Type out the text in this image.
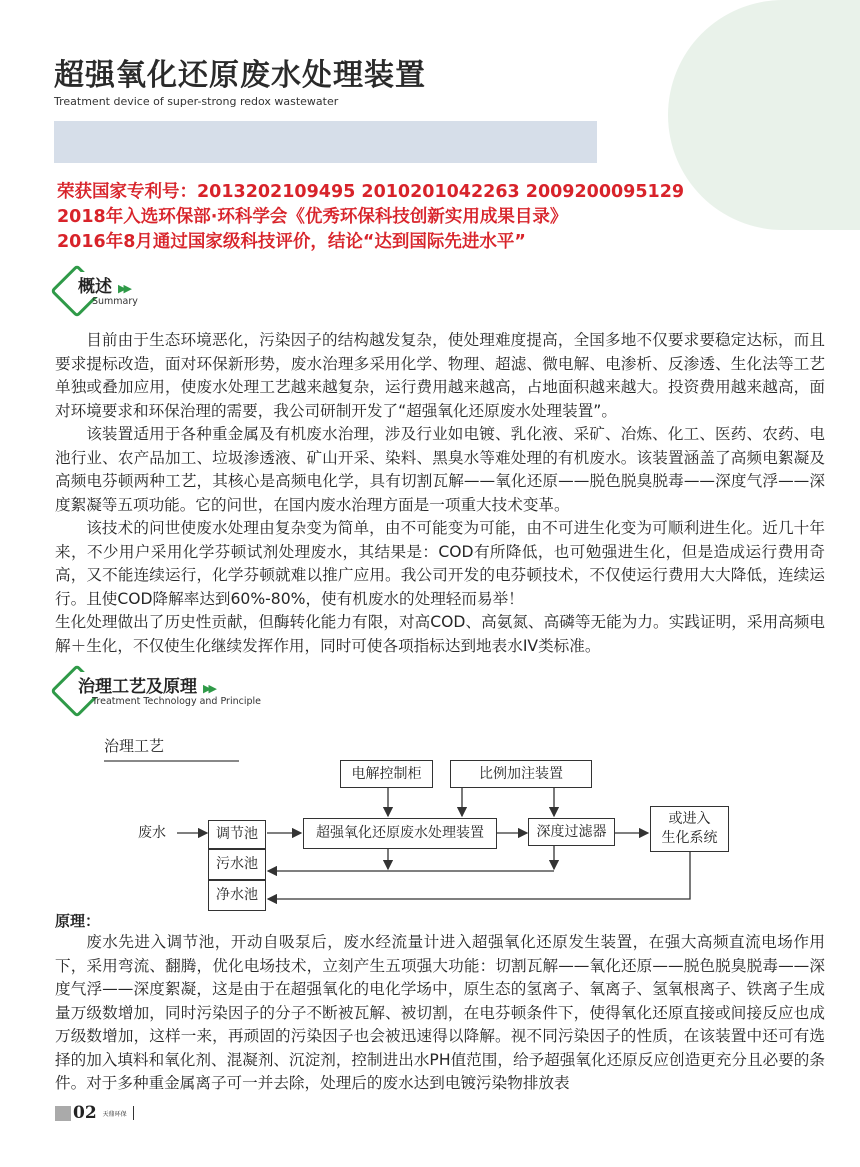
超强氧化还原废水处理装置
Treatment device of super-strong redox wastewater
荣获国家专利号：201320210949​5 2010201042263 2009200095129
2018年入选环保部·环科学会《优秀环保科技创新实用成果目录》
2016年8月通过国家级科技评价，结论“达到国际先进水平”
概述 ▶▶
Summary

目前由于生态环境恶化，污染因子的结构越发复杂，使处理难度提高，全国多地不仅要求要稳定达标，而且要求提标改造，面对环保新形势，废水治理多采用化学、物理、超滤、微电解、电渗析、反渗透、生化法等工艺单独或叠加应用，使废水处理工艺越来越复杂，运行费用越来越高，占地面积越来越大。投资费用越来越高，面对环境要求和环保治理的需要，我公司研制开发了“超强氧化还原废水处理装置”。

该装置适用于各种重金属及有机废水治理，涉及行业如电镀、乳化液、采矿、冶炼、化工、医药、农药、电池行业、农产品加工、垃圾渗透液、矿山开采、染料、黑臭水等难处理的有机废水。该装置涵盖了高频电絮凝及高频电芬顿两种工艺，其核心是高频电化学，具有切割瓦解——氧化还原——脱色脱臭脱毒——深度气浮——深度絮凝等五项功能。它的问世，在国内废水治理方面是一项重大技术变革。

该技术的问世使废水处理由复杂变为简单，由不可能变为可能，由不可进生化变为可顺利进生化。近几十年来，不少用户采用化学芬顿试剂处理废水，其结果是：COD有所降低，也可勉强进生化，但是造成运行费用奇高，又不能连续运行，化学芬顿就难以推广应用。我公司开发的电芬顿技术，不仅使运行费用大大降低，连续运行。且使COD降解率达到60%-80%，使有机废水的处理轻而易举！

生化处理做出了历史性贡献，但酶转化能力有限，对高COD、高氨氮、高磷等无能为力。实践证明，采用高频电解＋生化，不仅使生化继续发挥作用，同时可使各项指标达到地表水IV类标准。

治理工艺及原理 ▶▶
Treatment Technology and Principle
治理工艺
废水
电解控制柜	比例加注装置
调节池	超强氧化还原废水处理装置	深度过滤器
或进入
生化系统
污水池
净水池
原理：

废水先进入调节池，开动自吸泵后，废水经流量计进入超强氧化还原发生装置，在强大高频直流电场作用下，采用弯流、翻腾，优化电场技术，立刻产生五项强大功能：切割瓦解——氧化还原——脱色脱臭脱毒——深度气浮——深度絮凝，这是由于在超强氧化的电化学场中，原生态的氢离子、氧离子、氢氧根离子、铁离子生成量万级数增加，同时污染因子的分子不断被瓦解、被切割，在电芬顿条件下，使得氧化还原直接或间接反应也成万级数增加，这样一来，再顽固的污染因子也会被迅速得以降解。视不同污染因子的性质，在该装置中还可有选择的加入填料和氧化剂、混凝剂、沉淀剂，控制进出水PH值范围，给予超强氧化还原反应创造更充分且必要的条件。对于多种重金属离子可一并去除，处理后的废水达到电镀污染物排放表

02 天鼎环保
